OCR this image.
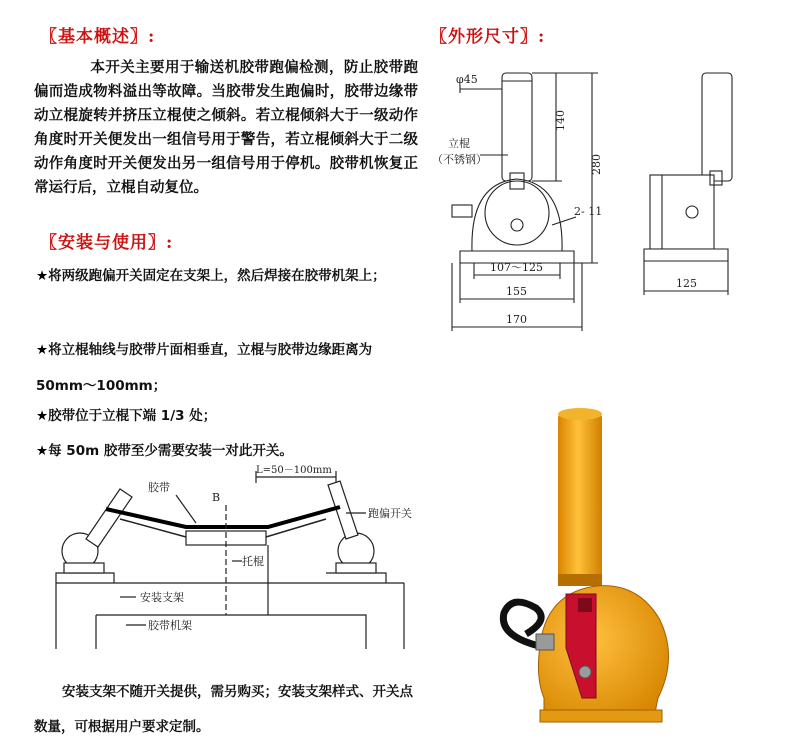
〖基本概述〗:
本开关主要用于输送机胶带跑偏检测，防止胶带跑偏而造成物料溢出等故障。当胶带发生跑偏时，胶带边缘带动立棍旋转并挤压立棍使之倾斜。若立棍倾斜大于一级动作角度时开关便发出一组信号用于警告，若立棍倾斜大于二级动作角度时开关便发出另一组信号用于停机。胶带机恢复正常运行后，立棍自动复位。
〖安装与使用〗:
★将两级跑偏开关固定在支架上，然后焊接在胶带机架上；
★将立棍轴线与胶带片面相垂直，立棍与胶带边缘距离为 50mm～100mm；
★胶带位于立棍下端 1/3 处；
★每 50m 胶带至少需要安装一对此开关。
〖外形尺寸〗:
φ45
140
280
立棍
（不锈钢）
2- 11
107～125
155
170
125
胶带
B
L=50－100mm
跑偏开关
托棍
安装支架
胶带机架
安装支架不随开关提供，需另购买；安装支架样式、开关点数量，可根据用户要求定制。
